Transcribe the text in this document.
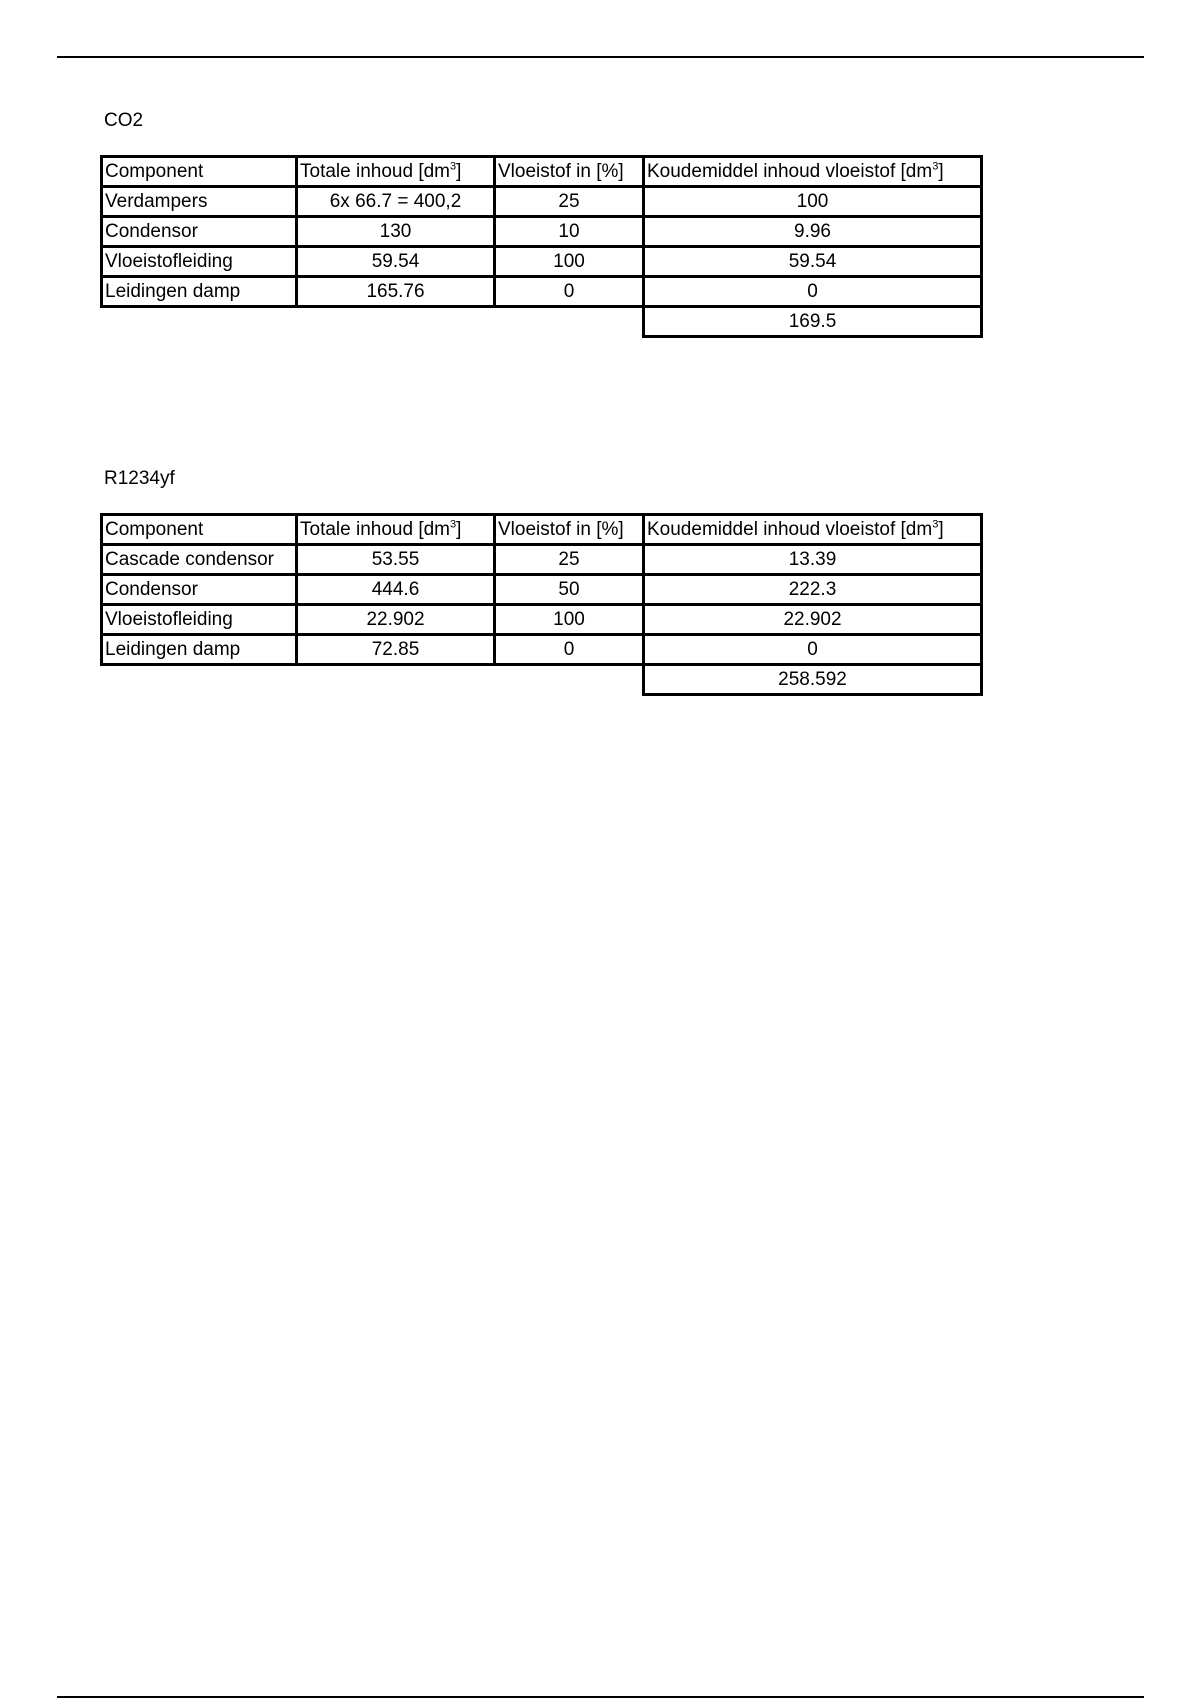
CO2
Component	Totale inhoud $[dm^3]$	Vloeistof in [%]	Koudemiddel inhoud vloeistof $[dm^3]$
Verdampers	6x 66.7 = 400,2	25	100
Condensor	130	10	9.96
Vloeistofleiding	59.54	100	59.54
Leidingen damp	165.76	0	0
			169.5
R1234yf
Component	Totale inhoud $[dm^3]$	Vloeistof in [%]	Koudemiddel inhoud vloeistof $[dm^3]$
Cascade condensor	53.55	25	13.39
Condensor	444.6	50	222.3
Vloeistofleiding	22.902	100	22.902
Leidingen damp	72.85	0	0
			258.592
